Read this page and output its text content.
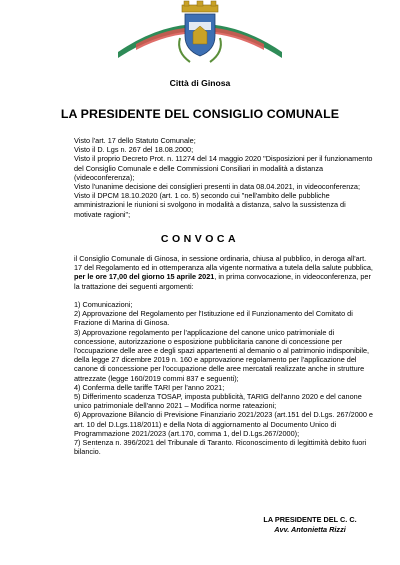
Città di Ginosa
LA PRESIDENTE DEL CONSIGLIO COMUNALE

Visto l'art. 17 dello Statuto Comunale;

Visto il D. Lgs n. 267 del 18.08.2000;

Visto il proprio Decreto Prot. n. 11274 del 14 maggio 2020 "Disposizioni per il funzionamento del Consiglio Comunale e delle Commissioni Consiliari in modalità a distanza (videoconferenza);

Visto l'unanime decisione dei consiglieri presenti in data 08.04.2021, in videoconferenza;

Visto il DPCM 18.10.2020 (art. 1 co. 5) secondo cui "nell'ambito delle pubbliche amministrazioni le riunioni si svolgono in modalità a distanza, salvo la sussistenza di motivate ragioni";

CONVOCA
il Consiglio Comunale di Ginosa, in sessione ordinaria, chiusa al pubblico, in deroga all'art. 17 del Regolamento ed in ottemperanza alla vigente normativa a tutela della salute pubblica, per le ore 17,00 del giorno 15 aprile 2021, in prima convocazione, in videoconferenza, per la trattazione dei seguenti argomenti:

1) Comunicazioni;

2) Approvazione del Regolamento per l'Istituzione ed il Funzionamento del Comitato di Frazione di Marina di Ginosa.

3) Approvazione regolamento per l'applicazione del canone unico patrimoniale di concessione, autorizzazione o esposizione pubblicitaria canone di concessione per l'occupazione delle aree e degli spazi appartenenti al demanio o al patrimonio indisponibile, della legge 27 dicembre 2019 n. 160 e approvazione regolamento per l'applicazione del canone di concessione per l'occupazione delle aree mercatali realizzate anche in strutture attrezzate (legge 160/2019 commi 837 e seguenti);

4) Conferma delle tariffe TARI per l'anno 2021;

5) Differimento scadenza TOSAP, imposta pubblicità, TARIG dell'anno 2020 e del canone unico patrimoniale dell'anno 2021 – Modifica norme rateazioni;

6) Approvazione Bilancio di Previsione Finanziario 2021/2023 (art.151 del D.Lgs. 267/2000 e art. 10 del D.Lgs.118/2011) e della Nota di aggiornamento al Documento Unico di Programmazione 2021/2023 (art.170, comma 1, del D.Lgs.267/2000);

7) Sentenza n. 396/2021 del Tribunale di Taranto. Riconoscimento di legittimità debito fuori bilancio.

LA PRESIDENTE DEL C. C.
Avv. Antonietta Rizzi
